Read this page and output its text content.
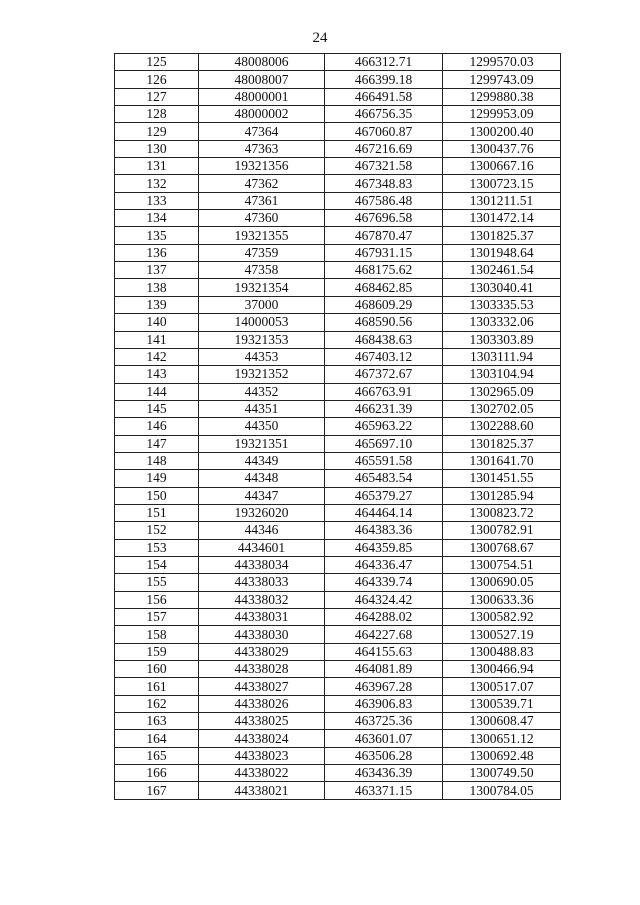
24
125	48008006	466312.71	1299570.03
126	48008007	466399.18	1299743.09
127	48000001	466491.58	1299880.38
128	48000002	466756.35	1299953.09
129	47364	467060.87	1300200.40
130	47363	467216.69	1300437.76
131	19321356	467321.58	1300667.16
132	47362	467348.83	1300723.15
133	47361	467586.48	1301211.51
134	47360	467696.58	1301472.14
135	19321355	467870.47	1301825.37
136	47359	467931.15	1301948.64
137	47358	468175.62	1302461.54
138	19321354	468462.85	1303040.41
139	37000	468609.29	1303335.53
140	14000053	468590.56	1303332.06
141	19321353	468438.63	1303303.89
142	44353	467403.12	1303111.94
143	19321352	467372.67	1303104.94
144	44352	466763.91	1302965.09
145	44351	466231.39	1302702.05
146	44350	465963.22	1302288.60
147	19321351	465697.10	1301825.37
148	44349	465591.58	1301641.70
149	44348	465483.54	1301451.55
150	44347	465379.27	1301285.94
151	19326020	464464.14	1300823.72
152	44346	464383.36	1300782.91
153	4434601	464359.85	1300768.67
154	44338034	464336.47	1300754.51
155	44338033	464339.74	1300690.05
156	44338032	464324.42	1300633.36
157	44338031	464288.02	1300582.92
158	44338030	464227.68	1300527.19
159	44338029	464155.63	1300488.83
160	44338028	464081.89	1300466.94
161	44338027	463967.28	1300517.07
162	44338026	463906.83	1300539.71
163	44338025	463725.36	1300608.47
164	44338024	463601.07	1300651.12
165	44338023	463506.28	1300692.48
166	44338022	463436.39	1300749.50
167	44338021	463371.15	1300784.05
